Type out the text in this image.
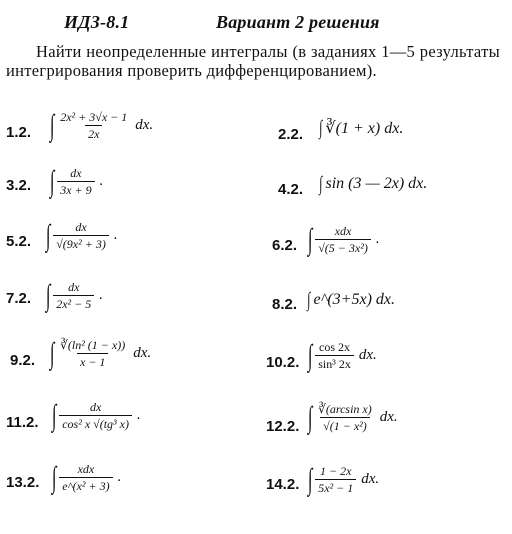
ИДЗ-8.1	Вариант 2 решения
Найти неопределенные интегралы (в заданиях 1—5 результаты интегрирования проверить дифференцированием).
1.2. ∫ $\frac{\text{2x² + 3√x − 1}}{2x}$ dx.
2.2. ∫ ∛(1 + x) dx.
3.2. ∫ $\frac{dx}{3x + 9}$ .	4.2. ∫ sin (3 — 2x) dx.
5.2. ∫ $\frac{dx}{\text{√(9x² + 3)}}$ .
6.2. ∫ $\frac{\text{xdx}}{\text{√(5 − 3x²)}}$ .
7.2. ∫ $\frac{dx}{\text{2x² − 5}}$ .
8.2. ∫ e^(3+5x) dx.
9.2. ∫ $\frac{\text{∛(ln² (1 − x))}}{x - 1}$ dx.
10.2. ∫ $\frac{\cos 2x}{\text{sin³ 2x}}$ dx.
11.2. ∫ $\frac{dx}{\text{cos² x √(tg³ x)}}$ .
12.2. ∫ $\frac{\text{∛(arcsin x)}}{\text{√(1 − x²)}}$ dx.
13.2. ∫ $\frac{\text{xdx}}{\text{e\textasciicircum{}(x² + 3)}}$ .	14.2. ∫ $\frac{1 - 2x}{\text{5x² − 1}}$ dx.
